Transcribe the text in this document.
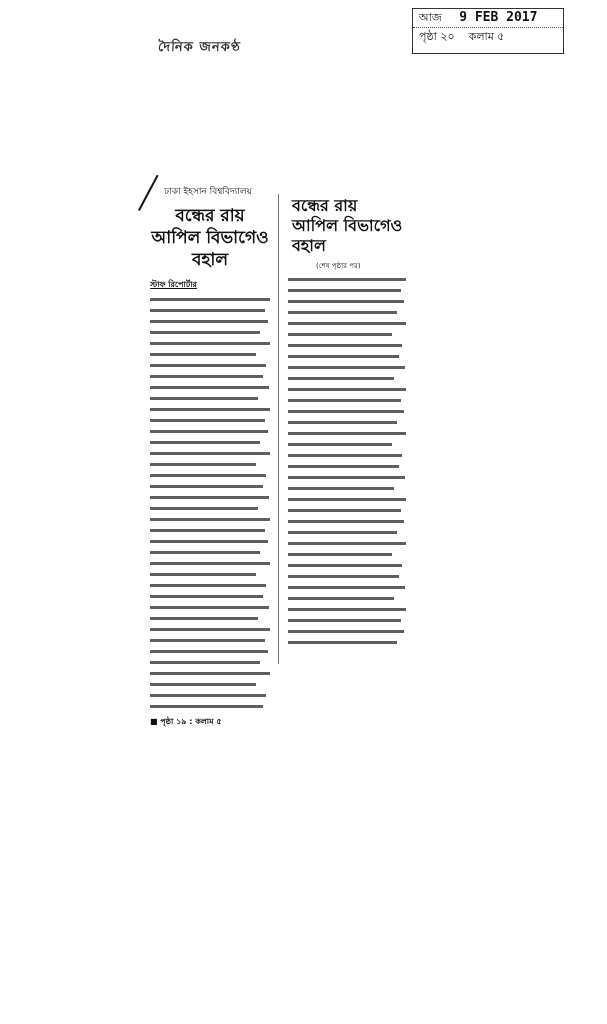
আজ 9 FEB 2017
পৃষ্ঠা ২০ কলাম ৫
দৈনিক জনকণ্ঠ
ঢাকা ইহসান বিশ্ববিদ্যালয়
বন্ধের রায় আপিল বিভাগেও বহাল
স্টাফ রিপোর্টার
■ পৃষ্ঠা ১৯ : কলাম ৫
বন্ধের রায় আপিল বিভাগেও বহাল
(শেষ পৃষ্ঠার পর)
